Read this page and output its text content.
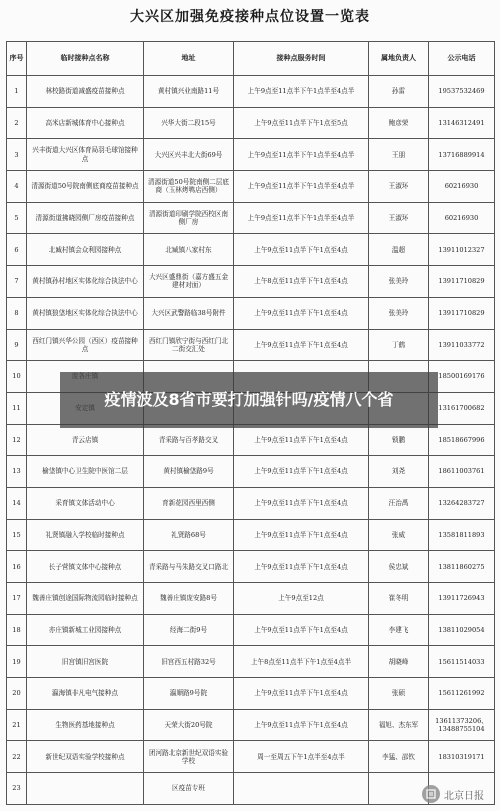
大兴区加强免疫接种点位设置一览表
序号	临时接种点名称	地址	接种点服务时间	属地负责人	公示电话
1	林校路街道减盛疫苗接种点	黄村镇兴业南路11号	上午9点至11点半下午1点半至4点半	孙雷	19537532469
2	高米店新城体育中心接种点	兴华大街二段15号	上午9点至11点半下午1点至5点	鲍彦荣	13146312491
3	兴丰街道大兴区体育局羽毛球馆接种点	大兴区兴丰北大街69号	上午9点至11点半下午1点半至4点半	王朋	13716889914
4	清源街道50号院南侧底商疫苗接种点	清源街道50号院南侧二层底商（玉林烤鸭店西侧）	上午9点至11点半下午1点半至4点半	王淑环	60216930
5	清源街道拂晓园侧厂房疫苗接种点	清源街道印刷学院西校区南侧厂房	上午9点至11点半下午1点半至4点半	王淑环	60216930
6	北臧村镇会众利园接种点	北臧镇八家村东	上午9点至11点半下午1点至4点	温超	13911012327
7	黄村镇孙村地区实体化综合执法中心	大兴区盛鼎街（嘉方盛五金建材对面）	上午8点至11点半下午1点至4点	张美玲	13911710829
8	黄村镇狼垡地区实体化综合执法中心	大兴区武警路临38号附件	上午9点至11点半下午1点至4点	张美玲	13911710829
9	西红门镇兴华公园（西区）疫苗接种点	西红门镇欣宁街与西红门北二街交汇处	上午9点至11点半下午1点至4点	丁鹤	13911033772
10					18500169176
11					13161700682
12	青云店镇	青采路与百孝路交叉	上午9点至11点半下午1点至4点	锁鹏	18518667996
13	榆垡镇中心卫生院中医馆二层	黄村镇榆垡路9号	上午9点至11点半下午1点至4点	刘尧	18611003761
14	采育镇文体活动中心	育新花园西里西侧	上午9点至11点半下午1点至4点	汪治禹	13264283727
15	礼贤镇融入学校临时接种点	礼贤路68号	上午9点至11点半下午1点至4点	张威	13581811893
16	长子营镇文体中心接种点	青采路与马朱路交叉口路北	上午9点至11点半下午1点至4点	侯忠斌	13811860275
17	魏善庄镇创途国际物流园临时接种点	魏善庄镇庞安路8号	上午9点至12点	崔冬明	13911726943
18	亦庄镇新城工业园接种点	经海二街9号	上午9点至11点半下午1点至4点	李建飞	13811029054
19	旧宫镇旧宫医院	旧宫西五村路32号	上午8点至11点半下午1点至4点半	胡晓峰	15611514033
20	瀛海镇非凡电气接种点	瀛顺路9号院	上午9点至11点半下午1点至4点	张硕	15611261992
21	生物医药基地接种点	天荣大街20号院	上午9点至11点半下午1点至4点	福旭、杰东军	13611373206、13488755104
22	新世纪双语实验学校接种点	团河路北京新世纪双语实验学校	周一至周五下午1点半至4点半	李猛、邵钦	18310319171
23		区疫苗专班			
疫情波及8省市要打加强针吗/疫情八个省
北京日报
